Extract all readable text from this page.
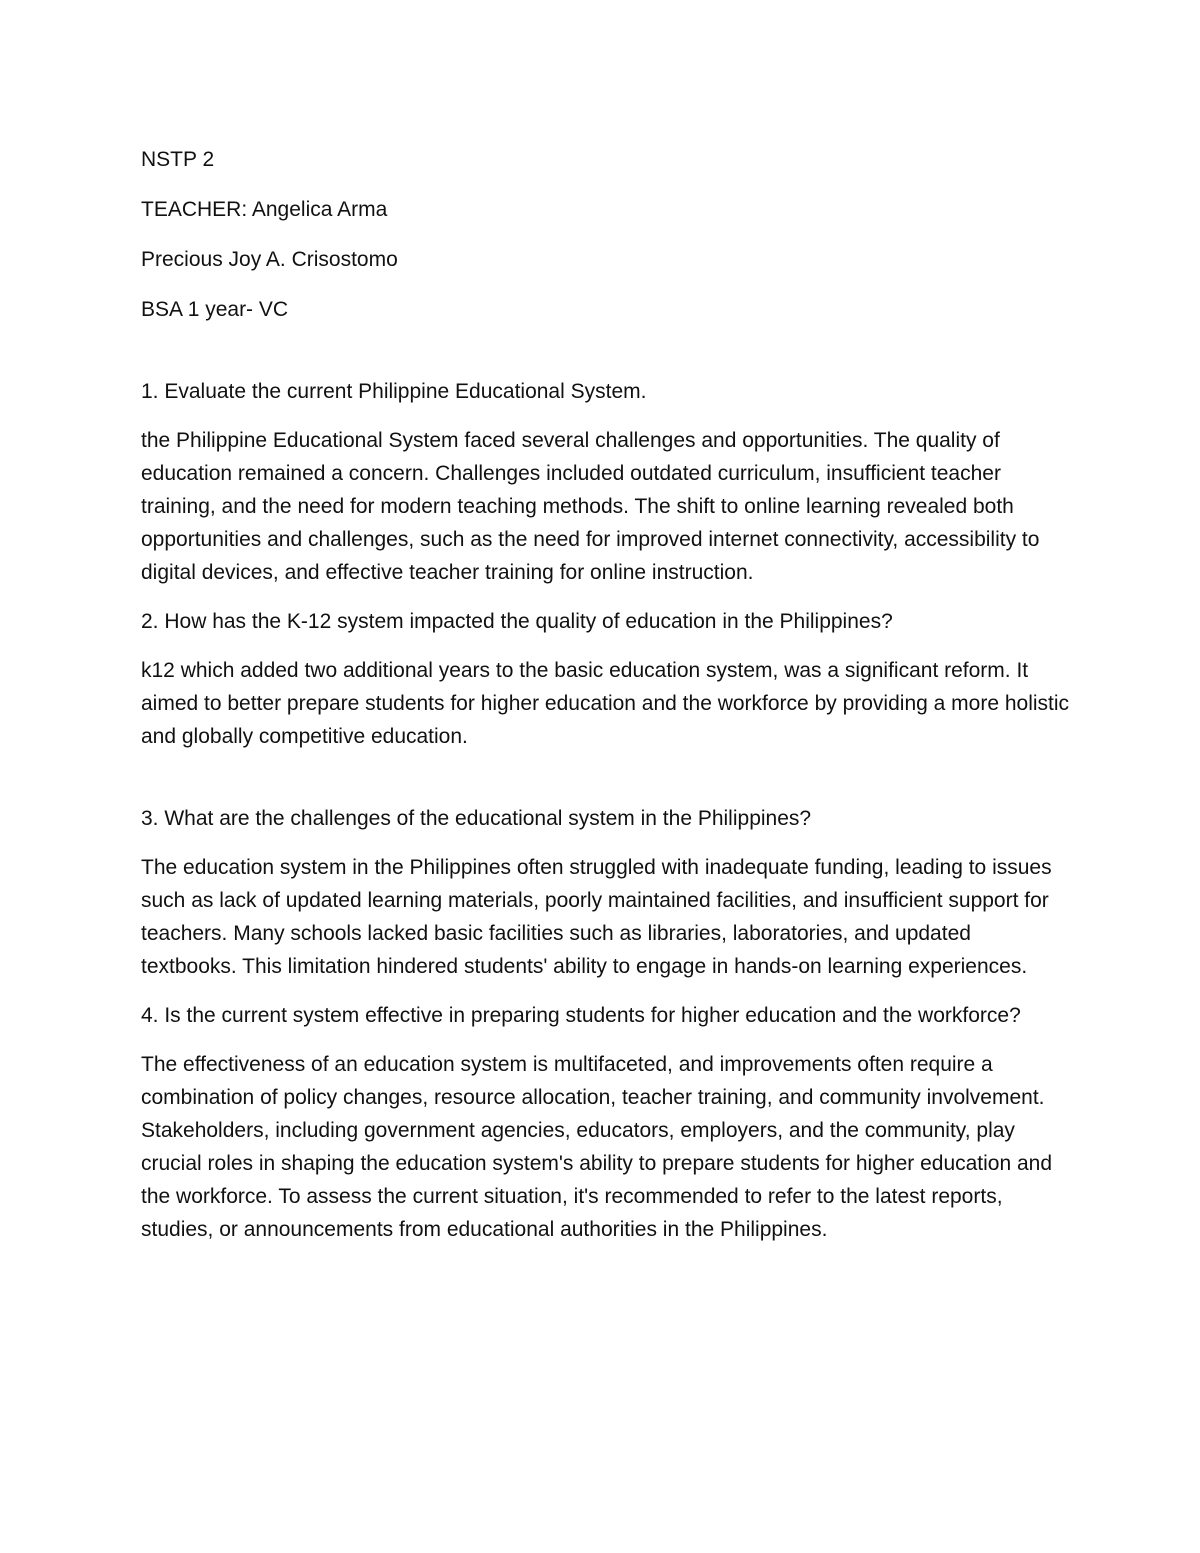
NSTP 2

TEACHER: Angelica Arma

Precious Joy A. Crisostomo

BSA 1 year- VC

1. Evaluate the current Philippine Educational System.

the Philippine Educational System faced several challenges and opportunities. The quality of education remained a concern. Challenges included outdated curriculum, insufficient teacher training, and the need for modern teaching methods. The shift to online learning revealed both opportunities and challenges, such as the need for improved internet connectivity, accessibility to digital devices, and effective teacher training for online instruction.

2. How has the K-12 system impacted the quality of education in the Philippines?

k12 which added two additional years to the basic education system, was a significant reform. It aimed to better prepare students for higher education and the workforce by providing a more holistic and globally competitive education.

3. What are the challenges of the educational system in the Philippines?

The education system in the Philippines often struggled with inadequate funding, leading to issues such as lack of updated learning materials, poorly maintained facilities, and insufficient support for teachers. Many schools lacked basic facilities such as libraries, laboratories, and updated textbooks. This limitation hindered students' ability to engage in hands-on learning experiences.

4. Is the current system effective in preparing students for higher education and the workforce?

The effectiveness of an education system is multifaceted, and improvements often require a combination of policy changes, resource allocation, teacher training, and community involvement. Stakeholders, including government agencies, educators, employers, and the community, play crucial roles in shaping the education system's ability to prepare students for higher education and the workforce. To assess the current situation, it's recommended to refer to the latest reports, studies, or announcements from educational authorities in the Philippines.
